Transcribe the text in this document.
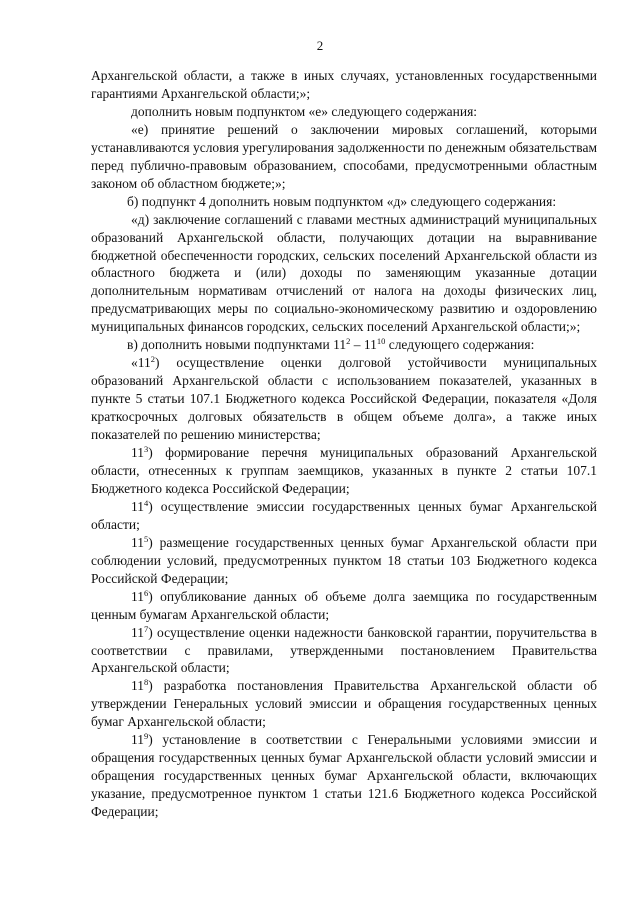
2

Архангельской области, а также в иных случаях, установленных государственными гарантиями Архангельской области;»;

дополнить новым подпунктом «е» следующего содержания:

«е) принятие решений о заключении мировых соглашений, которыми устанавливаются условия урегулирования задолженности по денежным обязательствам перед публично-правовым образованием, способами, предусмотренными областным законом об областном бюджете;»;

б) подпункт 4 дополнить новым подпунктом «д» следующего содержания:

«д) заключение соглашений с главами местных администраций муниципальных образований Архангельской области, получающих дотации на выравнивание бюджетной обеспеченности городских, сельских поселений Архангельской области из областного бюджета и (или) доходы по заменяющим указанные дотации дополнительным нормативам отчислений от налога на доходы физических лиц, предусматривающих меры по социально-экономическому развитию и оздоровлению муниципальных финансов городских, сельских поселений Архангельской области;»;

в) дополнить новыми подпунктами $11^2 - 11^{10}$ следующего содержания:

«$11^2$) осуществление оценки долговой устойчивости муниципальных образований Архангельской области с использованием показателей, указанных в пункте 5 статьи 107.1 Бюджетного кодекса Российской Федерации, показателя «Доля краткосрочных долговых обязательств в общем объеме долга», а также иных показателей по решению министерства;

$11^3$) формирование перечня муниципальных образований Архангельской области, отнесенных к группам заемщиков, указанных в пункте 2 статьи 107.1 Бюджетного кодекса Российской Федерации;

$11^4$) осуществление эмиссии государственных ценных бумаг Архангельской области;

$11^5$) размещение государственных ценных бумаг Архангельской области при соблюдении условий, предусмотренных пунктом 18 статьи 103 Бюджетного кодекса Российской Федерации;

$11^6$) опубликование данных об объеме долга заемщика по государственным ценным бумагам Архангельской области;

$11^7$) осуществление оценки надежности банковской гарантии, поручительства в соответствии с правилами, утвержденными постановлением Правительства Архангельской области;

$11^8$) разработка постановления Правительства Архангельской области об утверждении Генеральных условий эмиссии и обращения государственных ценных бумаг Архангельской области;

$11^9$) установление в соответствии с Генеральными условиями эмиссии и обращения государственных ценных бумаг Архангельской области условий эмиссии и обращения государственных ценных бумаг Архангельской области, включающих указание, предусмотренное пунктом 1 статьи 121.6 Бюджетного кодекса Российской Федерации;
